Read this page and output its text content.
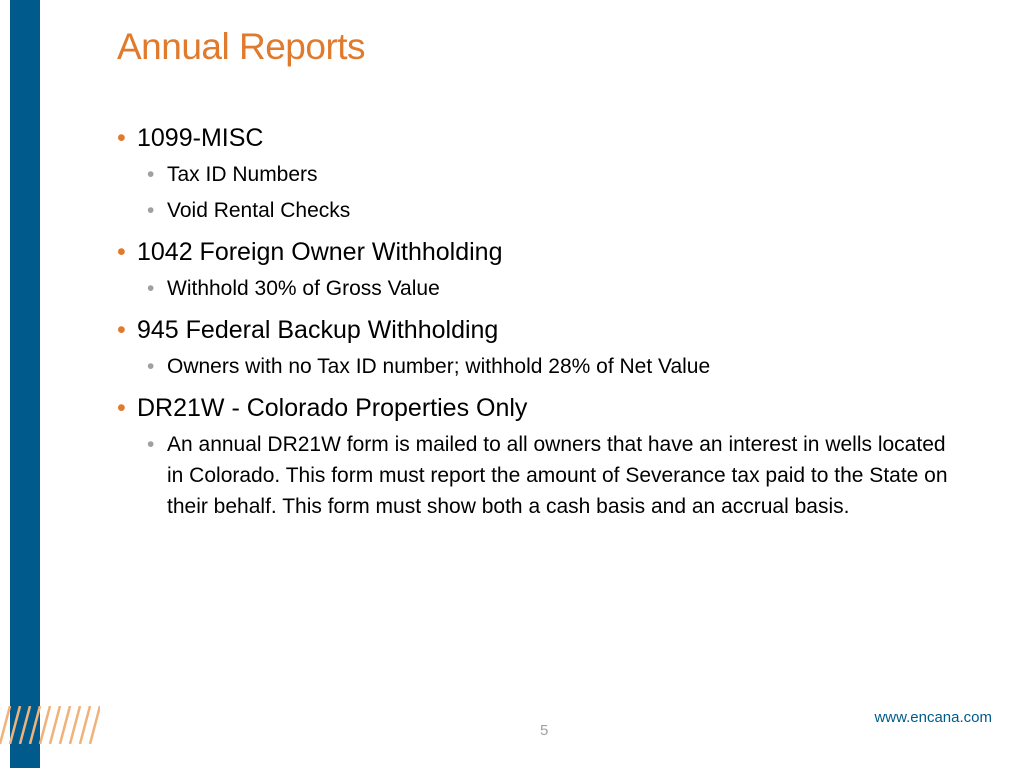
Annual Reports
• 1099-MISC
• Tax ID Numbers
• Void Rental Checks
• 1042 Foreign Owner Withholding
• Withhold 30% of Gross Value
• 945 Federal Backup Withholding
• Owners with no Tax ID number; withhold 28% of Net Value
• DR21W - Colorado Properties Only
• An annual DR21W form is mailed to all owners that have an interest in wells located in Colorado. This form must report the amount of Severance tax paid to the State on their behalf. This form must show both a cash basis and an accrual basis.
5
www.encana.com
